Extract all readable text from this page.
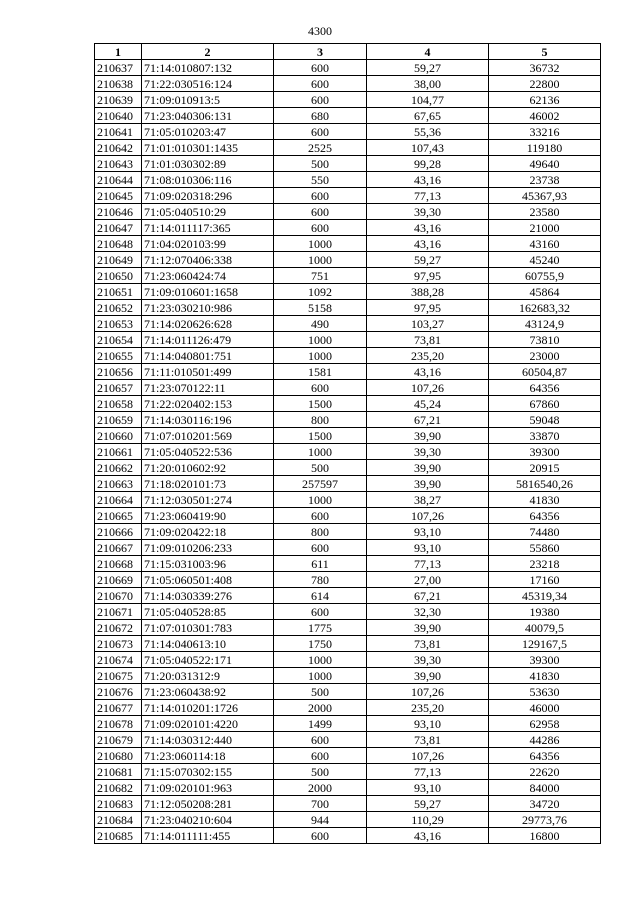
4300
1	2	3	4	5
210637	71:14:010807:132	600	59,27	36732
210638	71:22:030516:124	600	38,00	22800
210639	71:09:010913:5	600	104,77	62136
210640	71:23:040306:131	680	67,65	46002
210641	71:05:010203:47	600	55,36	33216
210642	71:01:010301:1435	2525	107,43	119180
210643	71:01:030302:89	500	99,28	49640
210644	71:08:010306:116	550	43,16	23738
210645	71:09:020318:296	600	77,13	45367,93
210646	71:05:040510:29	600	39,30	23580
210647	71:14:011117:365	600	43,16	21000
210648	71:04:020103:99	1000	43,16	43160
210649	71:12:070406:338	1000	59,27	45240
210650	71:23:060424:74	751	97,95	60755,9
210651	71:09:010601:1658	1092	388,28	45864
210652	71:23:030210:986	5158	97,95	162683,32
210653	71:14:020626:628	490	103,27	43124,9
210654	71:14:011126:479	1000	73,81	73810
210655	71:14:040801:751	1000	235,20	23000
210656	71:11:010501:499	1581	43,16	60504,87
210657	71:23:070122:11	600	107,26	64356
210658	71:22:020402:153	1500	45,24	67860
210659	71:14:030116:196	800	67,21	59048
210660	71:07:010201:569	1500	39,90	33870
210661	71:05:040522:536	1000	39,30	39300
210662	71:20:010602:92	500	39,90	20915
210663	71:18:020101:73	257597	39,90	5816540,26
210664	71:12:030501:274	1000	38,27	41830
210665	71:23:060419:90	600	107,26	64356
210666	71:09:020422:18	800	93,10	74480
210667	71:09:010206:233	600	93,10	55860
210668	71:15:031003:96	611	77,13	23218
210669	71:05:060501:408	780	27,00	17160
210670	71:14:030339:276	614	67,21	45319,34
210671	71:05:040528:85	600	32,30	19380
210672	71:07:010301:783	1775	39,90	40079,5
210673	71:14:040613:10	1750	73,81	129167,5
210674	71:05:040522:171	1000	39,30	39300
210675	71:20:031312:9	1000	39,90	41830
210676	71:23:060438:92	500	107,26	53630
210677	71:14:010201:1726	2000	235,20	46000
210678	71:09:020101:4220	1499	93,10	62958
210679	71:14:030312:440	600	73,81	44286
210680	71:23:060114:18	600	107,26	64356
210681	71:15:070302:155	500	77,13	22620
210682	71:09:020101:963	2000	93,10	84000
210683	71:12:050208:281	700	59,27	34720
210684	71:23:040210:604	944	110,29	29773,76
210685	71:14:011111:455	600	43,16	16800
